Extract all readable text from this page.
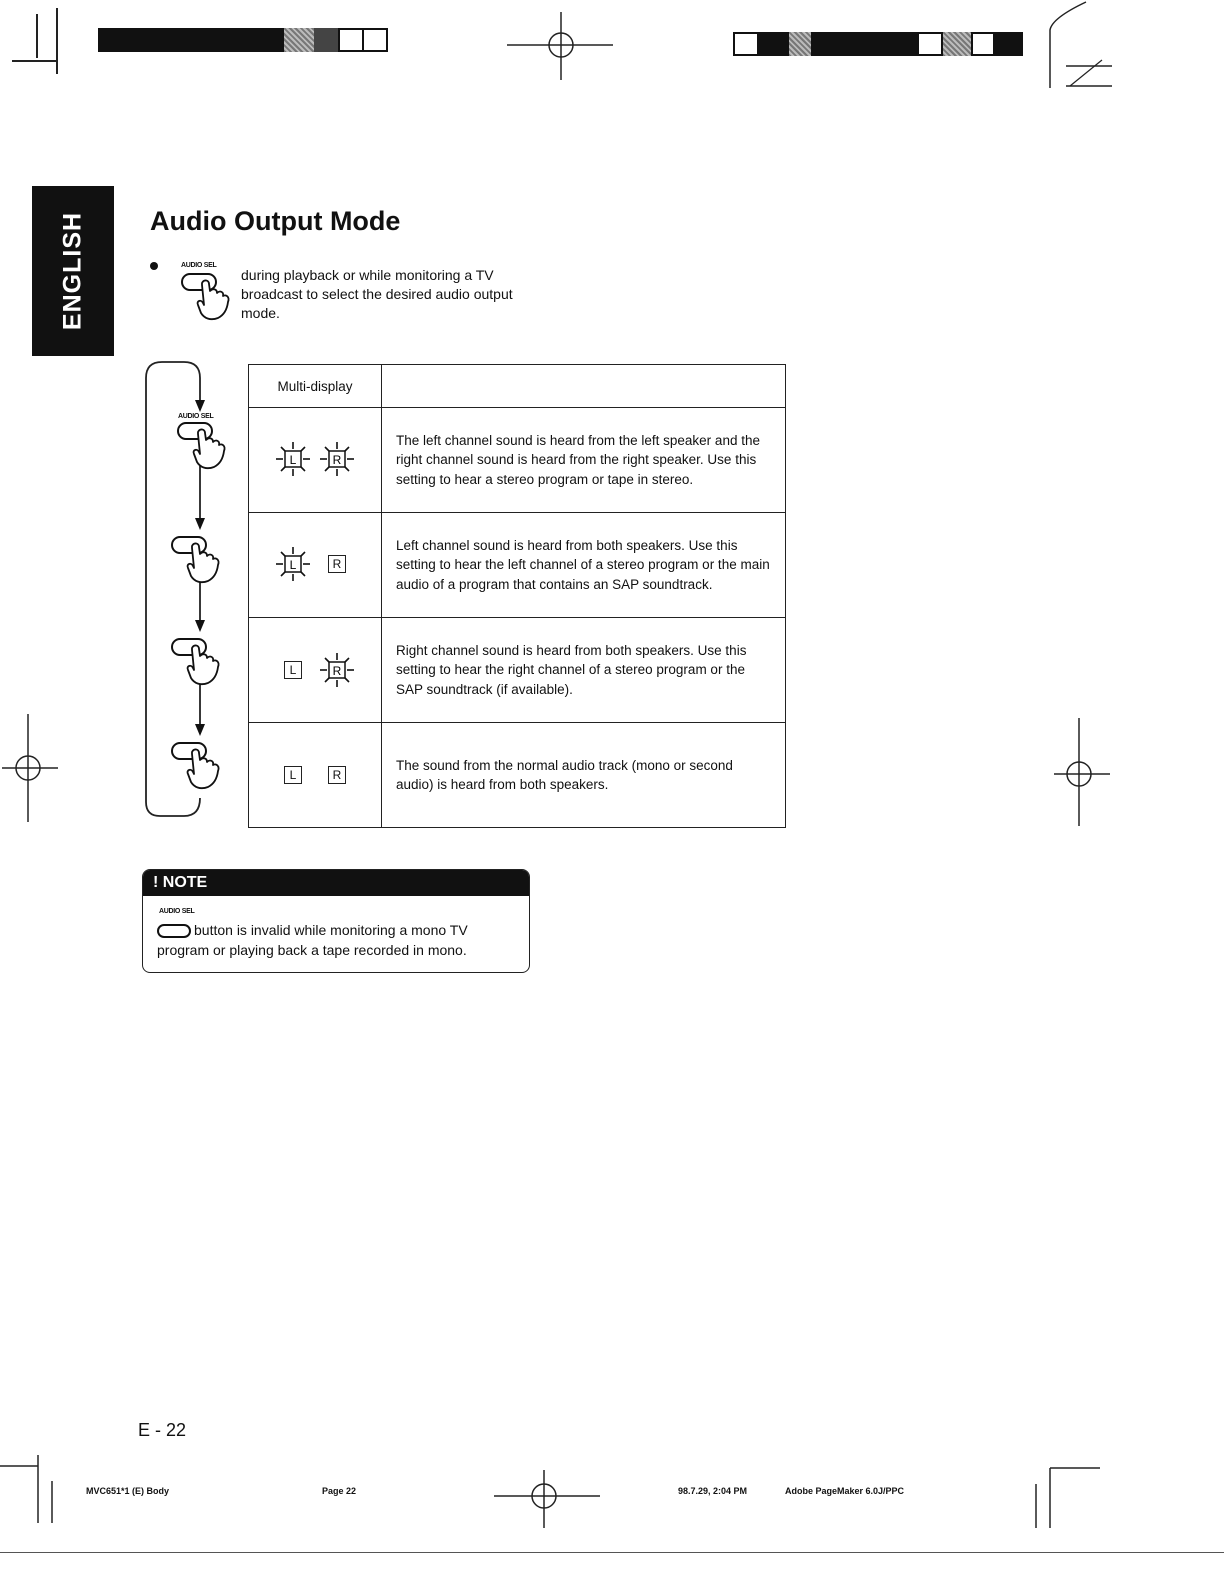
ENGLISH Audio Output Mode
AUDIO SEL
during playback or while monitoring a TV broadcast to select the desired audio output mode.
AUDIO SEL
Multi-display	

L R	The left channel sound is heard from the left speaker and the right channel sound is heard from the right speaker. Use this setting to hear a stereo program or tape in stereo.

L R	Left channel sound is heard from both speakers. Use this setting to hear the left channel of a stereo program or the main audio of a program that contains an SAP soundtrack.

L R	Right channel sound is heard from both speakers. Use this setting to hear the right channel of a stereo program or the SAP soundtrack (if available).

L R	The sound from the normal audio track (mono or second audio) is heard from both speakers.
! NOTE
AUDIO SEL
button is invalid while monitoring a mono TV program or playing back a tape recorded in mono.
E - 22
MVC651*1 (E) Body	Page 22	98.7.29, 2:04 PM	Adobe PageMaker 6.0J/PPC
